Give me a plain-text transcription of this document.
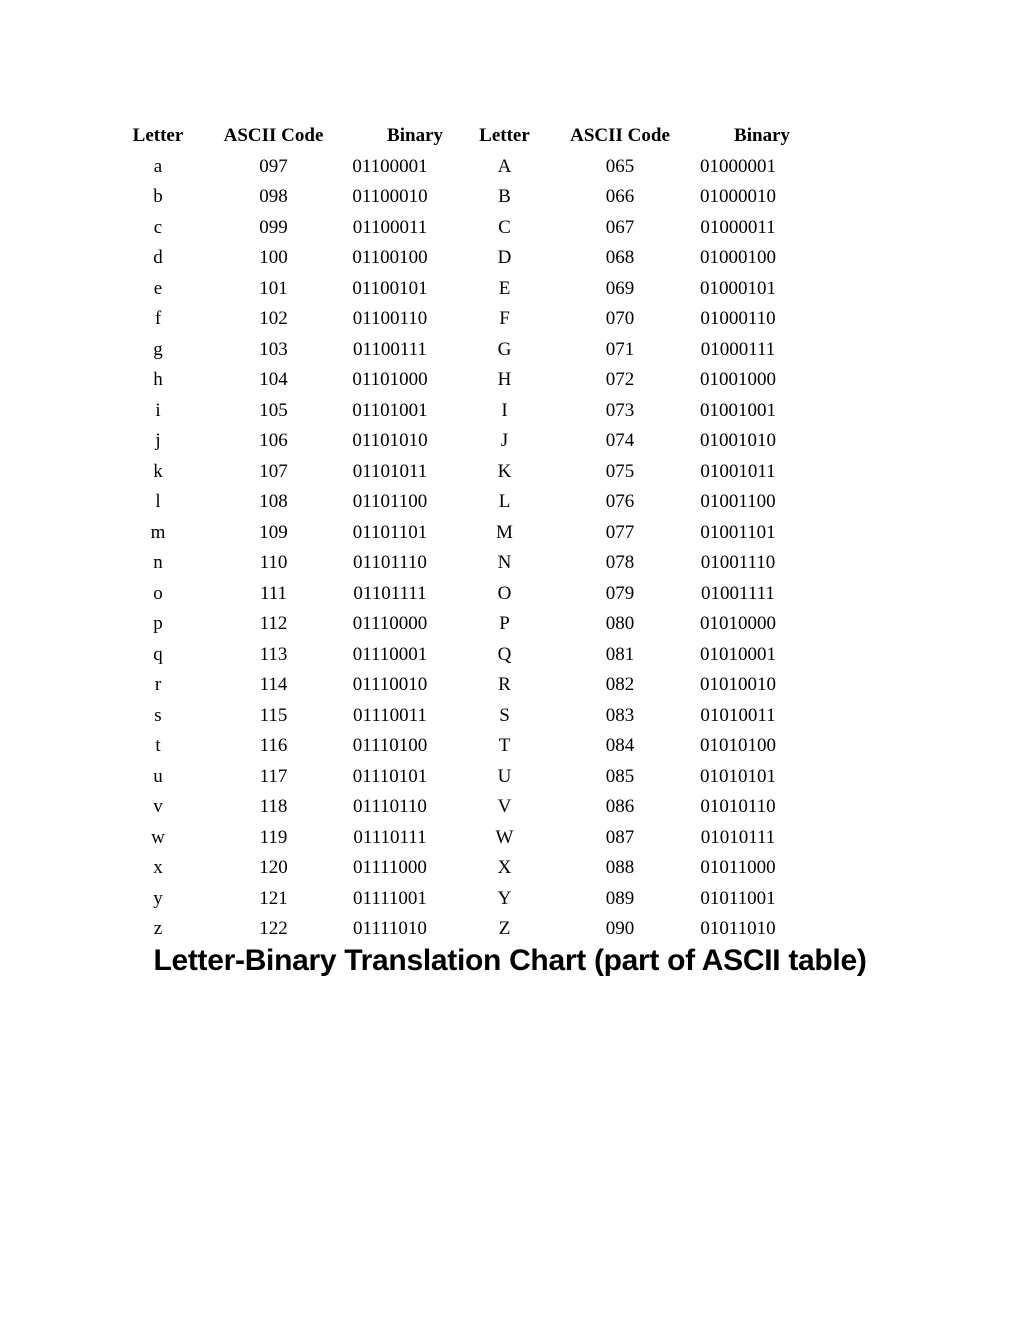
Letter	ASCII Code	Binary	Letter	ASCII Code	Binary
a	097	01100001	A	065	01000001
b	098	01100010	B	066	01000010
c	099	01100011	C	067	01000011
d	100	01100100	D	068	01000100
e	101	01100101	E	069	01000101
f	102	01100110	F	070	01000110
g	103	01100111	G	071	01000111
h	104	01101000	H	072	01001000
i	105	01101001	I	073	01001001
j	106	01101010	J	074	01001010
k	107	01101011	K	075	01001011
l	108	01101100	L	076	01001100
m	109	01101101	M	077	01001101
n	110	01101110	N	078	01001110
o	111	01101111	O	079	01001111
p	112	01110000	P	080	01010000
q	113	01110001	Q	081	01010001
r	114	01110010	R	082	01010010
s	115	01110011	S	083	01010011
t	116	01110100	T	084	01010100
u	117	01110101	U	085	01010101
v	118	01110110	V	086	01010110
w	119	01110111	W	087	01010111
x	120	01111000	X	088	01011000
y	121	01111001	Y	089	01011001
z	122	01111010	Z	090	01011010
Letter-Binary Translation Chart (part of ASCII table)
